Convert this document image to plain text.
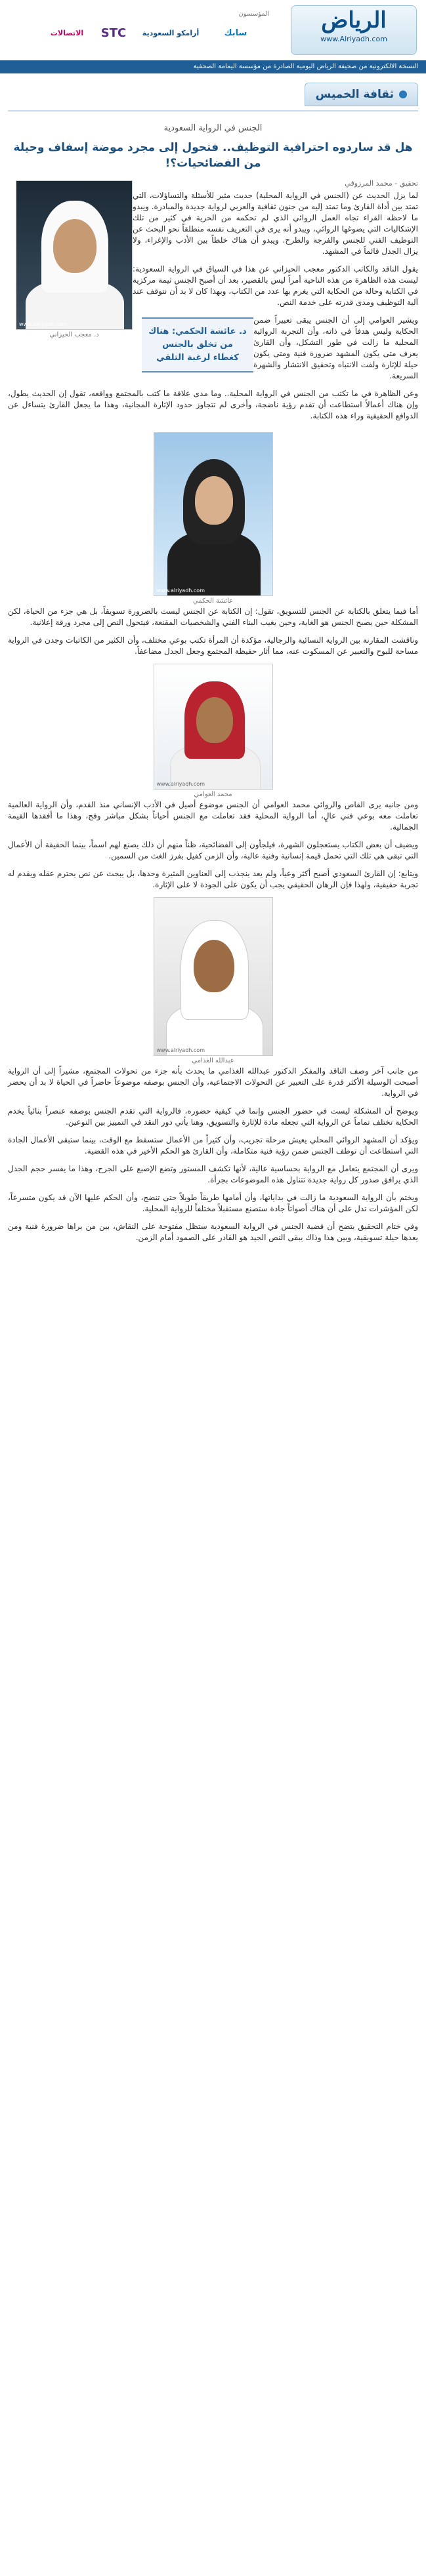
الرياض
www.Alriyadh.com
المؤسسون
سابك
أرامكو السعودية
STC
الاتصالات
النسخة الالكترونية من صحيفة الرياض اليومية الصادرة من مؤسسة اليمامة الصحفية
ثقافة الخميس
الجنس في الرواية السعودية
هل قد ساردوه احترافية التوظيف.. فتحول إلى مجرد موضة إسفاف وحيلة من الفضائحيات؟!
www.alriyadh.com
د. معجب الحيزاني
تحقيق - محمد المرزوقي

لما يزل الحديث عن (الجنس في الرواية المحلية) حديث مثير للأسئلة والتساؤلات، التي تمتد بين أداة القارئ وما تمتد إليه من جنون ثقافية والعربي لرواية جديدة والمبادرة. ويبدو ما لاحظه القراء تجاه العمل الروائي الذي لم تحكمه من الحرية في كثير من تلك الإشكاليات التي يصوغها الروائي، ويبدو أنه يرى في التعريف نفسه منطلقاً نحو البحث عن التوظيف الفني للجنس والفرجة والطرح. ويبدو أن هناك خلطاً بين الأدب والإغراء، ولا يزال الجدل قائماً في المشهد.

يقول الناقد والكاتب الدكتور معجب الحيزاني عن هذا في السياق في الرواية السعودية: ليست هذه الظاهرة من هذه الناحية أمراً ليس بالقصير، بعد أن أصبح الجنس ثيمة مركزية في الكتابة وحالة من الحكاية التي يغرم بها عدد من الكتاب، وبهذا كان لا بد أن نتوقف عند آلية التوظيف ومدى قدرته على خدمة النص.

د. عائشة الحكمي: هناك من تخلق بالجنس كغطاء لرغبة التلقي

ويشير العوامي إلى أن الجنس يبقى تعبيراً ضمن الحكاية وليس هدفاً في ذاته، وأن التجربة الروائية المحلية ما زالت في طور التشكل، وأن القارئ يعرف متى يكون المشهد ضرورة فنية ومتى يكون حيلة للإثارة ولفت الانتباه وتحقيق الانتشار والشهرة السريعة.

وعن الظاهرة في ما تكتب من الجنس في الرواية المحلية.. وما مدى علاقة ما كتب بالمجتمع وواقعه، تقول إن الحديث يطول، وإن هناك أعمالاً استطاعت أن تقدم رؤية ناضجة، وأخرى لم تتجاوز حدود الإثارة المجانية، وهذا ما يجعل القارئ يتساءل عن الدوافع الحقيقية وراء هذه الكتابة.

www.alriyadh.com
عائشة الحكمي

أما فيما يتعلق بالكتابة عن الجنس للتسويق، تقول: إن الكتابة عن الجنس ليست بالضرورة تسويقاً، بل هي جزء من الحياة، لكن المشكلة حين يصبح الجنس هو الغاية، وحين يغيب البناء الفني والشخصيات المقنعة، فيتحول النص إلى مجرد ورقة إعلانية.

وناقشت المقارنة بين الرواية النسائية والرجالية، مؤكدة أن المرأة تكتب بوعي مختلف، وأن الكثير من الكاتبات وجدن في الرواية مساحة للبوح والتعبير عن المسكوت عنه، مما أثار حفيظة المجتمع وجعل الجدل مضاعفاً.

www.alriyadh.com
محمد العوامي

ومن جانبه يرى القاص والروائي محمد العوامي أن الجنس موضوع أصيل في الأدب الإنساني منذ القدم، وأن الرواية العالمية تعاملت معه بوعي فني عالٍ، أما الرواية المحلية فقد تعاملت مع الجنس أحياناً بشكل مباشر وفج، وهذا ما أفقدها القيمة الجمالية.

ويضيف أن بعض الكتاب يستعجلون الشهرة، فيلجأون إلى الفضائحية، ظناً منهم أن ذلك يصنع لهم اسماً، بينما الحقيقة أن الأعمال التي تبقى هي تلك التي تحمل قيمة إنسانية وفنية عالية، وأن الزمن كفيل بفرز الغث من السمين.

ويتابع: إن القارئ السعودي أصبح أكثر وعياً، ولم يعد ينجذب إلى العناوين المثيرة وحدها، بل يبحث عن نص يحترم عقله ويقدم له تجربة حقيقية، ولهذا فإن الرهان الحقيقي يجب أن يكون على الجودة لا على الإثارة.

www.alriyadh.com
عبدالله الغذامي

من جانب آخر وصف الناقد والمفكر الدكتور عبدالله الغذامي ما يحدث بأنه جزء من تحولات المجتمع، مشيراً إلى أن الرواية أصبحت الوسيلة الأكثر قدرة على التعبير عن التحولات الاجتماعية، وأن الجنس بوصفه موضوعاً حاضراً في الحياة لا بد أن يحضر في الرواية.

ويوضح أن المشكلة ليست في حضور الجنس وإنما في كيفية حضوره، فالرواية التي تقدم الجنس بوصفه عنصراً بنائياً يخدم الحكاية تختلف تماماً عن الرواية التي تجعله مادة للإثارة والتسويق، وهنا يأتي دور النقد في التمييز بين النوعين.

ويؤكد أن المشهد الروائي المحلي يعيش مرحلة تجريب، وأن كثيراً من الأعمال ستسقط مع الوقت، بينما ستبقى الأعمال الجادة التي استطاعت أن توظف الجنس ضمن رؤية فنية متكاملة، وأن القارئ هو الحكم الأخير في هذه القضية.

ويرى أن المجتمع يتعامل مع الرواية بحساسية عالية، لأنها تكشف المستور وتضع الإصبع على الجرح، وهذا ما يفسر حجم الجدل الذي يرافق صدور كل رواية جديدة تتناول هذه الموضوعات بجرأة.

ويختم بأن الرواية السعودية ما زالت في بداياتها، وأن أمامها طريقاً طويلاً حتى تنضج، وأن الحكم عليها الآن قد يكون متسرعاً، لكن المؤشرات تدل على أن هناك أصواتاً جادة ستصنع مستقبلاً مختلفاً للرواية المحلية.

وفي ختام التحقيق يتضح أن قضية الجنس في الرواية السعودية ستظل مفتوحة على النقاش، بين من يراها ضرورة فنية ومن يعدها حيلة تسويقية، وبين هذا وذاك يبقى النص الجيد هو القادر على الصمود أمام الزمن.
